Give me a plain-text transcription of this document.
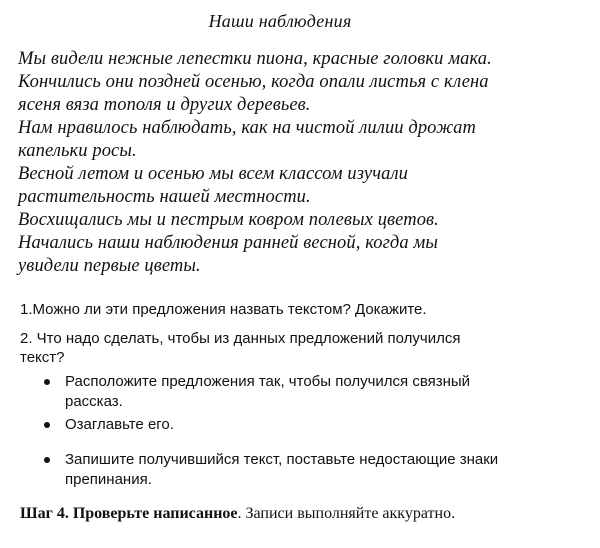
Наши наблюдения
Мы видели нежные лепестки пиона, красные головки мака.
Кончились они поздней осенью, когда опали листья с клена
ясеня вяза тополя и других деревьев.
Нам нравилось наблюдать, как на чистой лилии дрожат
капельки росы.
Весной летом и осенью мы всем классом изучали
растительность нашей местности.
Восхищались мы и пестрым ковром полевых цветов.
Начались наши наблюдения ранней весной, когда мы
увидели первые цветы.
1.Можно ли эти предложения назвать текстом? Докажите.
2. Что надо сделать, чтобы из данных предложений получился
текст?
Расположите предложения так, чтобы получился связный
рассказ.
Озаглавьте его.
Запишите получившийся текст, поставьте недостающие знаки
препинания.
Шаг 4. Проверьте написанное. Записи выполняйте аккуратно.
